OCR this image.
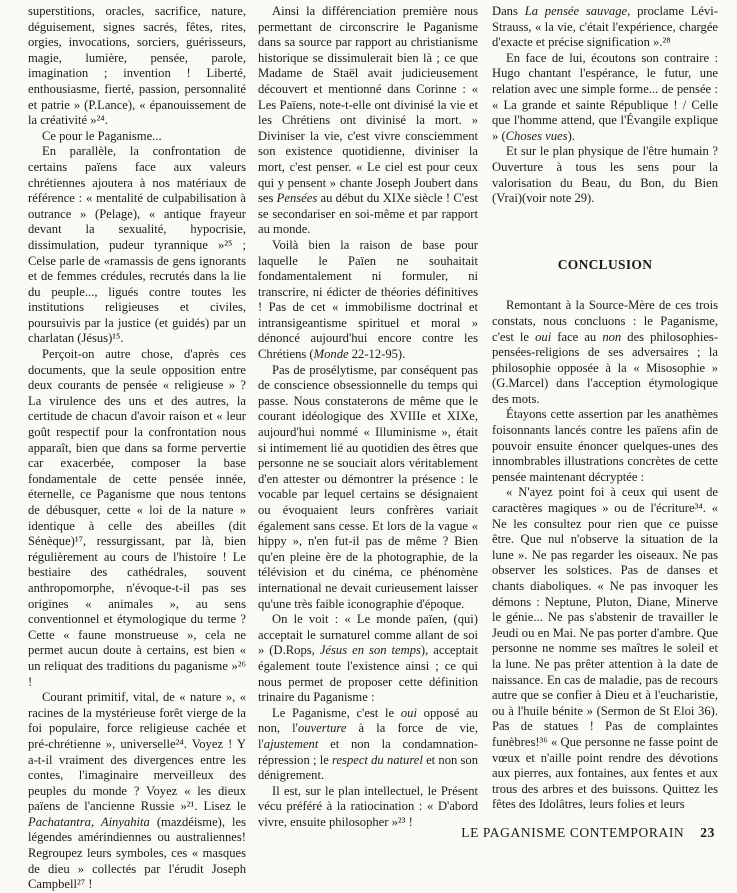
superstitions, oracles, sacrifice, nature, déguisement, signes sacrés, fêtes, rites, orgies, invocations, sorciers, guérisseurs, magie, lumière, pensée, parole, imagination ; invention ! Liberté, enthousiasme, fierté, passion, personnalité et patrie » (P.Lance), « épanouissement de la créativité »²⁴.

Ce pour le Paganisme...

En parallèle, la confrontation de certains païens face aux valeurs chrétiennes ajoutera à nos matériaux de référence : « mentalité de culpabilisation à outrance » (Pelage), « antique frayeur devant la sexualité, hypocrisie, dissimulation, pudeur tyrannique »²⁵ ; Celse parle de «ramassis de gens ignorants et de femmes crédules, recrutés dans la lie du peuple..., ligués contre toutes les institutions religieuses et civiles, poursuivis par la justice (et guidés) par un charlatan (Jésus)¹⁵.

Perçoit-on autre chose, d'après ces documents, que la seule opposition entre deux courants de pensée « religieuse » ? La virulence des uns et des autres, la certitude de chacun d'avoir raison et « leur goût respectif pour la confrontation nous apparaît, bien que dans sa forme pervertie car exacerbée, composer la base fondamentale de cette pensée innée, éternelle, ce Paganisme que nous tentons de débusquer, cette « loi de la nature » identique à celle des abeilles (dit Sénèque)¹⁷, ressurgissant, par là, bien régulièrement au cours de l'histoire ! Le bestiaire des cathédrales, souvent anthropomorphe, n'évoque-t-il pas ses origines « animales », au sens conventionnel et étymologique du terme ? Cette « faune monstrueuse », cela ne permet aucun doute à certains, est bien « un reliquat des traditions du paganisme »²⁶ !

Courant primitif, vital, de « nature », « racines de la mystérieuse forêt vierge de la foi populaire, force religieuse cachée et pré-chrétienne », universelle²⁴. Voyez ! Y a-t-il vraiment des divergences entre les contes, l'imaginaire merveilleux des peuples du monde ? Voyez « les dieux païens de l'ancienne Russie »²¹. Lisez le Pachatantra, Ainyahita (mazdéisme), les légendes amérindiennes ou australiennes! Regroupez leurs symboles, ces « masques de dieu » collectés par l'érudit Joseph Campbell²⁷ !

Ainsi la différenciation première nous permettant de circonscrire le Paganisme dans sa source par rapport au christianisme historique se dissimulerait bien là ; ce que Madame de Staël avait judicieusement découvert et mentionné dans Corinne : « Les Païens, note-t-elle ont divinisé la vie et les Chrétiens ont divinisé la mort. » Diviniser la vie, c'est vivre consciemment son existence quotidienne, diviniser la mort, c'est penser. « Le ciel est pour ceux qui y pensent » chante Joseph Joubert dans ses Pensées au début du XIXe siècle ! C'est se secondariser en soi-même et par rapport au monde.

Voilà bien la raison de base pour laquelle le Païen ne souhaitait fondamentalement ni formuler, ni transcrire, ni édicter de théories définitives ! Pas de cet « immobilisme doctrinal et intransigeantisme spirituel et moral » dénoncé aujourd'hui encore contre les Chrétiens (Monde 22-12-95).

Pas de prosélytisme, par conséquent pas de conscience obsessionnelle du temps qui passe. Nous constaterons de même que le courant idéologique des XVIIIe et XIXe, aujourd'hui nommé « Illuminisme », était si intimement lié au quotidien des êtres que personne ne se souciait alors véritablement d'en attester ou démontrer la présence : le vocable par lequel certains se désignaient ou évoquaient leurs confrères variait également sans cesse. Et lors de la vague « hippy », n'en fut-il pas de même ? Bien qu'en pleine ère de la photographie, de la télévision et du cinéma, ce phénomène international ne devait curieusement laisser qu'une très faible iconographie d'époque.

On le voit : « Le monde païen, (qui) acceptait le surnaturel comme allant de soi » (D.Rops, Jésus en son temps), acceptait également toute l'existence ainsi ; ce qui nous permet de proposer cette définition trinaire du Paganisme :

Le Paganisme, c'est le oui opposé au non, l'ouverture à la force de vie, l'ajustement et non la condamnation-répression ; le respect du naturel et non son dénigrement.

Il est, sur le plan intellectuel, le Présent vécu préféré à la ratiocination : « D'abord vivre, ensuite philosopher »²³ !

Dans La pensée sauvage, proclame Lévi-Strauss, « la vie, c'était l'expérience, chargée d'exacte et précise signification ».²⁸

En face de lui, écoutons son contraire : Hugo chantant l'espérance, le futur, une relation avec une simple forme... de pensée : « La grande et sainte République ! / Celle que l'homme attend, que l'Évangile explique » (Choses vues).

Et sur le plan physique de l'être humain ? Ouverture à tous les sens pour la valorisation du Beau, du Bon, du Bien (Vrai)(voir note 29).

CONCLUSION

Remontant à la Source-Mère de ces trois constats, nous concluons : le Paganisme, c'est le oui face au non des philosophies-pensées-religions de ses adversaires ; la philosophie opposée à la « Misosophie » (G.Marcel) dans l'acception étymologique des mots.

Étayons cette assertion par les anathèmes foisonnants lancés contre les païens afin de pouvoir ensuite énoncer quelques-unes des innombrables illustrations concrètes de cette pensée maintenant décryptée :

« N'ayez point foi à ceux qui usent de caractères magiques » ou de l'écriture³⁴. « Ne les consultez pour rien que ce puisse être. Que nul n'observe la situation de la lune ». Ne pas regarder les oiseaux. Ne pas observer les solstices. Pas de danses et chants diaboliques. « Ne pas invoquer les démons : Neptune, Pluton, Diane, Minerve le génie... Ne pas s'abstenir de travailler le Jeudi ou en Mai. Ne pas porter d'ambre. Que personne ne nomme ses maîtres le soleil et la lune. Ne pas prêter attention à la date de naissance. En cas de maladie, pas de recours autre que se confier à Dieu et à l'eucharistie, ou à l'huile bénite » (Sermon de St Eloi 36). Pas de statues ! Pas de complaintes funèbres!³⁶ « Que personne ne fasse point de vœux et n'aille point rendre des dévotions aux pierres, aux fontaines, aux fentes et aux trous des arbres et des buissons. Quittez les fêtes des Idolâtres, leurs folies et leurs

LE PAGANISME CONTEMPORAIN 23
